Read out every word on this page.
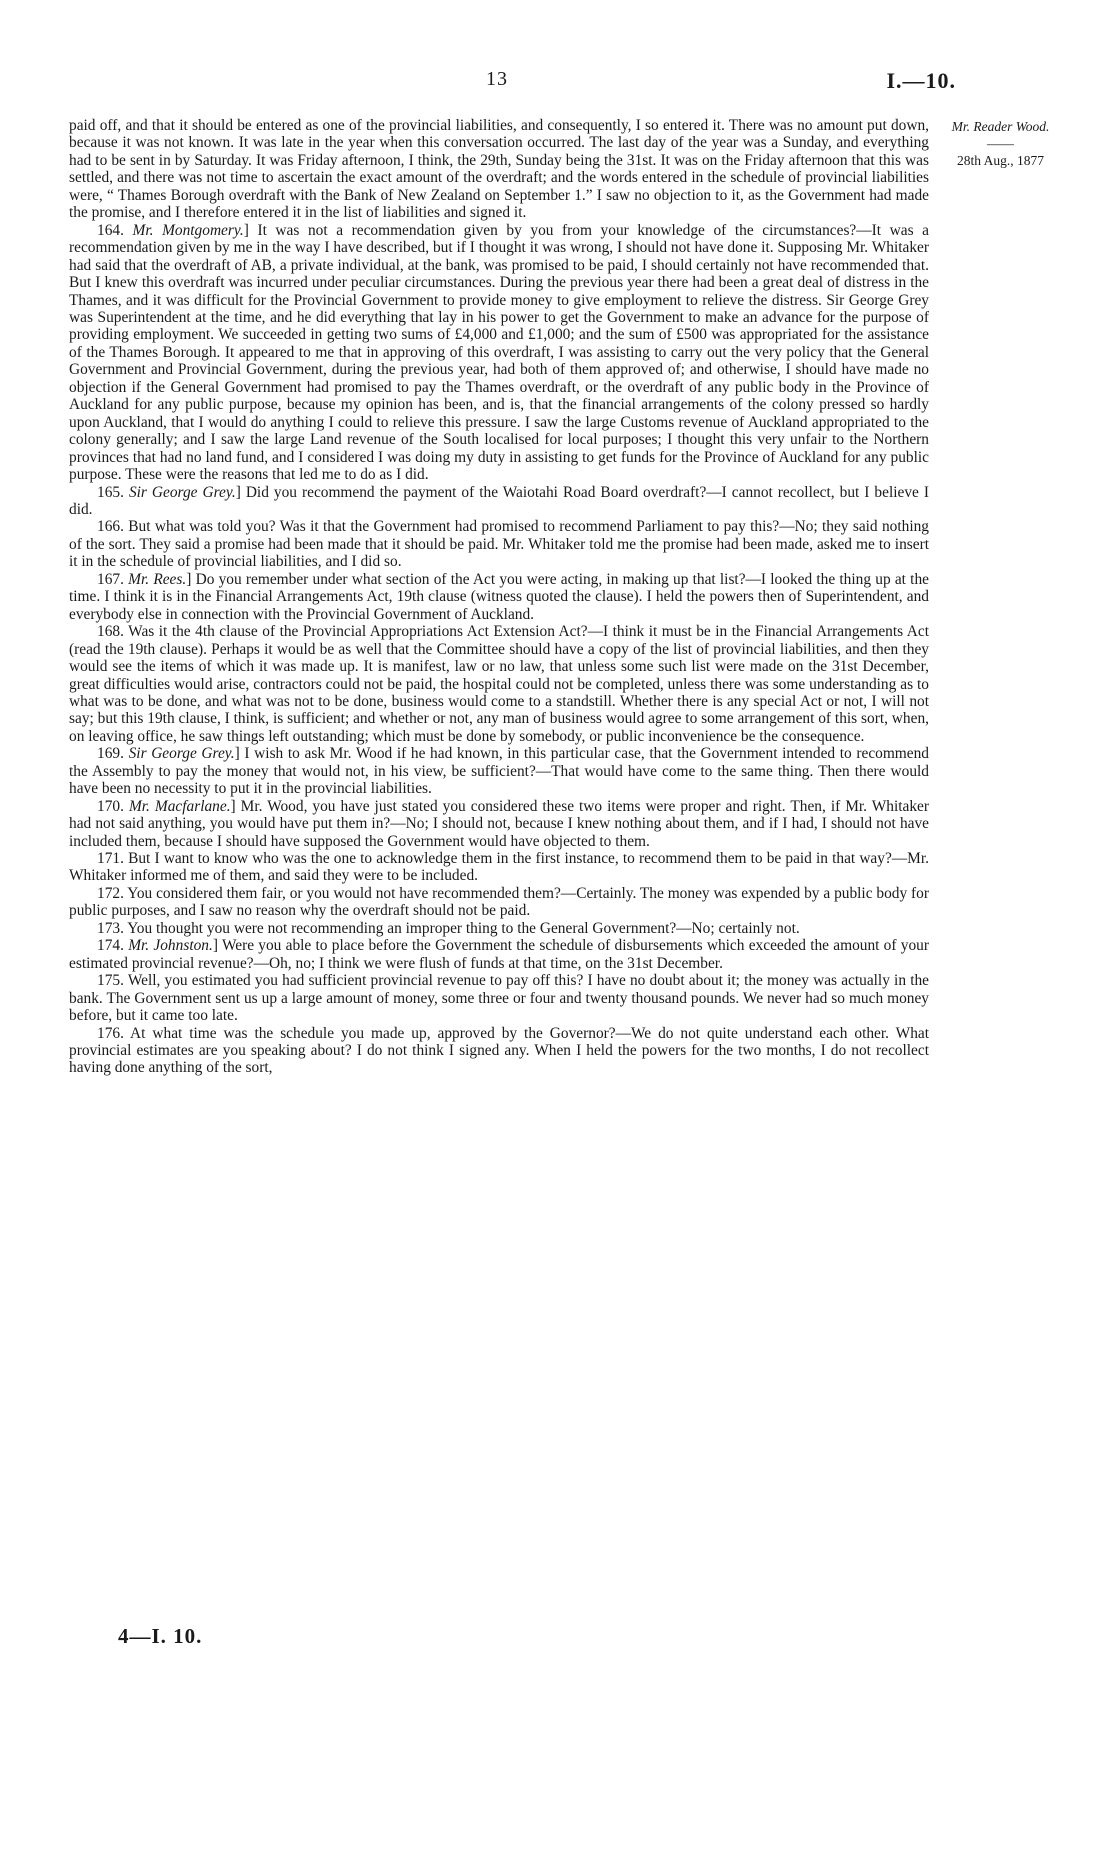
13	I.—10.
Mr. Reader Wood.
——
28th Aug., 1877

paid off, and that it should be entered as one of the provincial liabilities, and consequently, I so entered it. There was no amount put down, because it was not known. It was late in the year when this conversation occurred. The last day of the year was a Sunday, and everything had to be sent in by Saturday. It was Friday afternoon, I think, the 29th, Sunday being the 31st. It was on the Friday afternoon that this was settled, and there was not time to ascertain the exact amount of the overdraft; and the words entered in the schedule of provincial liabilities were, “ Thames Borough overdraft with the Bank of New Zealand on September 1.” I saw no objection to it, as the Government had made the promise, and I therefore entered it in the list of liabilities and signed it.

164. Mr. Montgomery.] It was not a recommendation given by you from your knowledge of the circumstances?—It was a recommendation given by me in the way I have described, but if I thought it was wrong, I should not have done it. Supposing Mr. Whitaker had said that the overdraft of AB, a private individual, at the bank, was promised to be paid, I should certainly not have recommended that. But I knew this overdraft was incurred under peculiar circumstances. During the previous year there had been a great deal of distress in the Thames, and it was difficult for the Provincial Government to provide money to give employment to relieve the distress. Sir George Grey was Superintendent at the time, and he did everything that lay in his power to get the Government to make an advance for the purpose of providing employment. We succeeded in getting two sums of £4,000 and £1,000; and the sum of £500 was appropriated for the assistance of the Thames Borough. It appeared to me that in approving of this overdraft, I was assisting to carry out the very policy that the General Government and Provincial Government, during the previous year, had both of them approved of; and otherwise, I should have made no objection if the General Government had promised to pay the Thames overdraft, or the overdraft of any public body in the Province of Auckland for any public purpose, because my opinion has been, and is, that the financial arrangements of the colony pressed so hardly upon Auckland, that I would do anything I could to relieve this pressure. I saw the large Customs revenue of Auckland appropriated to the colony generally; and I saw the large Land revenue of the South localised for local purposes; I thought this very unfair to the Northern provinces that had no land fund, and I considered I was doing my duty in assisting to get funds for the Province of Auckland for any public purpose. These were the reasons that led me to do as I did.

165. Sir George Grey.] Did you recommend the payment of the Waiotahi Road Board overdraft?—I cannot recollect, but I believe I did.

166. But what was told you? Was it that the Government had promised to recommend Parliament to pay this?—No; they said nothing of the sort. They said a promise had been made that it should be paid. Mr. Whitaker told me the promise had been made, asked me to insert it in the schedule of provincial liabilities, and I did so.

167. Mr. Rees.] Do you remember under what section of the Act you were acting, in making up that list?—I looked the thing up at the time. I think it is in the Financial Arrangements Act, 19th clause (witness quoted the clause). I held the powers then of Superintendent, and everybody else in connection with the Provincial Government of Auckland.

168. Was it the 4th clause of the Provincial Appropriations Act Extension Act?—I think it must be in the Financial Arrangements Act (read the 19th clause). Perhaps it would be as well that the Committee should have a copy of the list of provincial liabilities, and then they would see the items of which it was made up. It is manifest, law or no law, that unless some such list were made on the 31st December, great difficulties would arise, contractors could not be paid, the hospital could not be completed, unless there was some understanding as to what was to be done, and what was not to be done, business would come to a standstill. Whether there is any special Act or not, I will not say; but this 19th clause, I think, is sufficient; and whether or not, any man of business would agree to some arrangement of this sort, when, on leaving office, he saw things left outstanding; which must be done by somebody, or public inconvenience be the consequence.

169. Sir George Grey.] I wish to ask Mr. Wood if he had known, in this particular case, that the Government intended to recommend the Assembly to pay the money that would not, in his view, be sufficient?—That would have come to the same thing. Then there would have been no necessity to put it in the provincial liabilities.

170. Mr. Macfarlane.] Mr. Wood, you have just stated you considered these two items were proper and right. Then, if Mr. Whitaker had not said anything, you would have put them in?—No; I should not, because I knew nothing about them, and if I had, I should not have included them, because I should have supposed the Government would have objected to them.

171. But I want to know who was the one to acknowledge them in the first instance, to recommend them to be paid in that way?—Mr. Whitaker informed me of them, and said they were to be included.

172. You considered them fair, or you would not have recommended them?—Certainly. The money was expended by a public body for public purposes, and I saw no reason why the overdraft should not be paid.

173. You thought you were not recommending an improper thing to the General Government?—No; certainly not.

174. Mr. Johnston.] Were you able to place before the Government the schedule of disbursements which exceeded the amount of your estimated provincial revenue?—Oh, no; I think we were flush of funds at that time, on the 31st December.

175. Well, you estimated you had sufficient provincial revenue to pay off this? I have no doubt about it; the money was actually in the bank. The Government sent us up a large amount of money, some three or four and twenty thousand pounds. We never had so much money before, but it came too late.

176. At what time was the schedule you made up, approved by the Governor?—We do not quite understand each other. What provincial estimates are you speaking about? I do not think I signed any. When I held the powers for the two months, I do not recollect having done anything of the sort,

4—I. 10.
